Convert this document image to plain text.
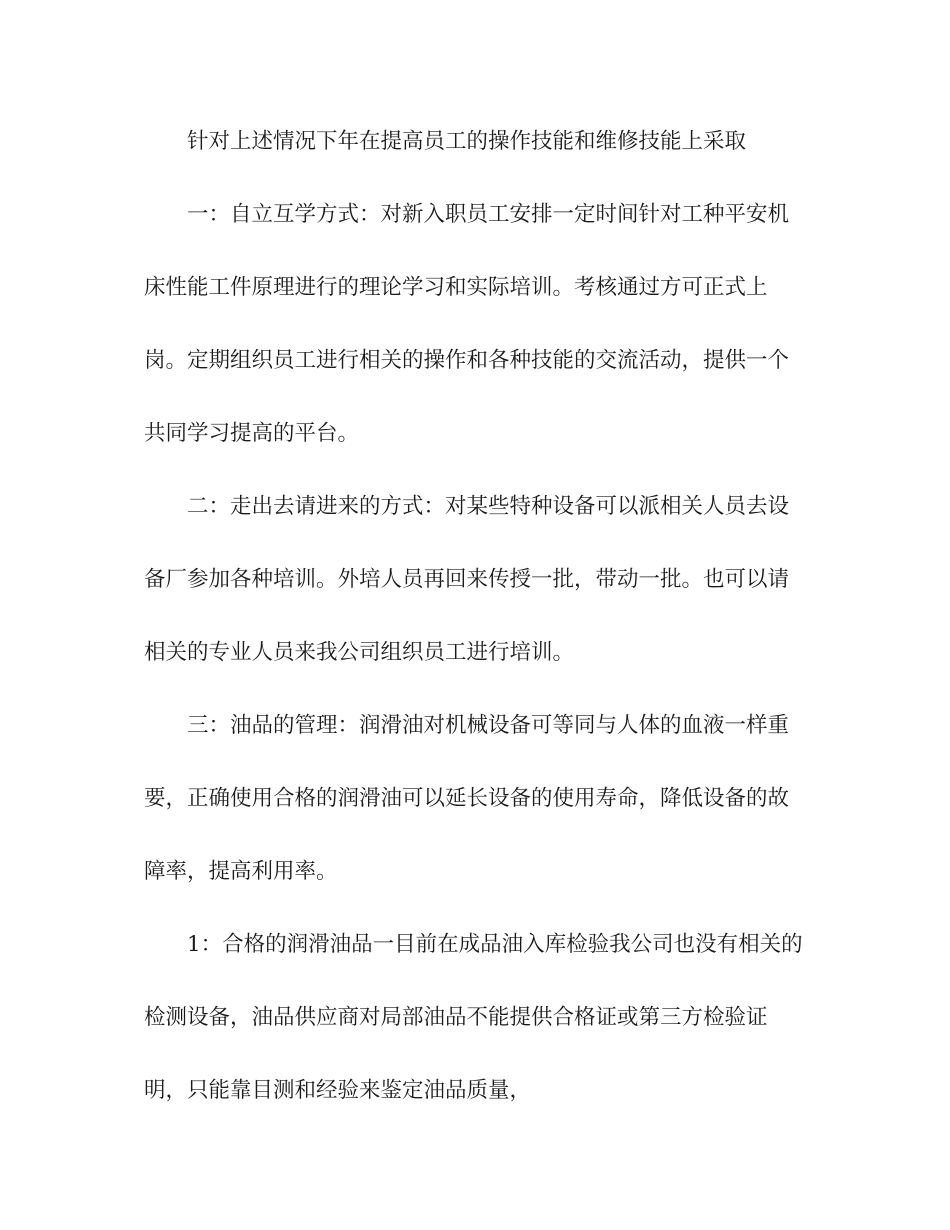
针对上述情况下年在提高员工的操作技能和维修技能上采取
一：自立互学方式：对新入职员工安排一定时间针对工种平安机
床性能工件原理进行的理论学习和实际培训。考核通过方可正式上
岗。定期组织员工进行相关的操作和各种技能的交流活动，提供一个
共同学习提高的平台。
二：走出去请进来的方式：对某些特种设备可以派相关人员去设
备厂参加各种培训。外培人员再回来传授一批，带动一批。也可以请
相关的专业人员来我公司组织员工进行培训。
三：油品的管理：润滑油对机械设备可等同与人体的血液一样重
要，正确使用合格的润滑油可以延长设备的使用寿命，降低设备的故
障率，提高利用率。
1：合格的润滑油品一目前在成品油入库检验我公司也没有相关的
检测设备，油品供应商对局部油品不能提供合格证或第三方检验证
明，只能靠目测和经验来鉴定油品质量，
